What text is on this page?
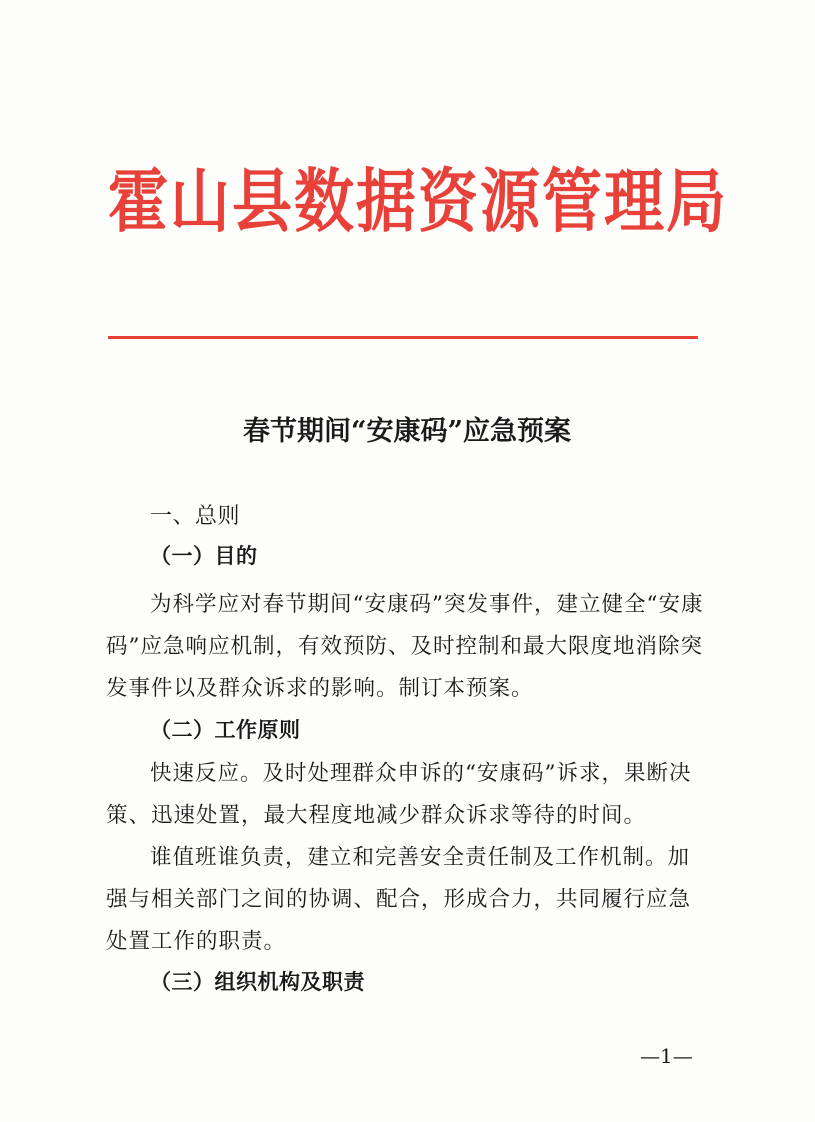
霍山县数据资源管理局
春节期间“安康码”应急预案
一、总则
（一）目的
为科学应对春节期间“安康码”突发事件，建立健全“安康
码”应急响应机制，有效预防、及时控制和最大限度地消除突
发事件以及群众诉求的影响。制订本预案。
（二）工作原则
快速反应。及时处理群众申诉的“安康码”诉求，果断决
策、迅速处置，最大程度地减少群众诉求等待的时间。
谁值班谁负责，建立和完善安全责任制及工作机制。加
强与相关部门之间的协调、配合，形成合力，共同履行应急
处置工作的职责。
（三）组织机构及职责
—1—
